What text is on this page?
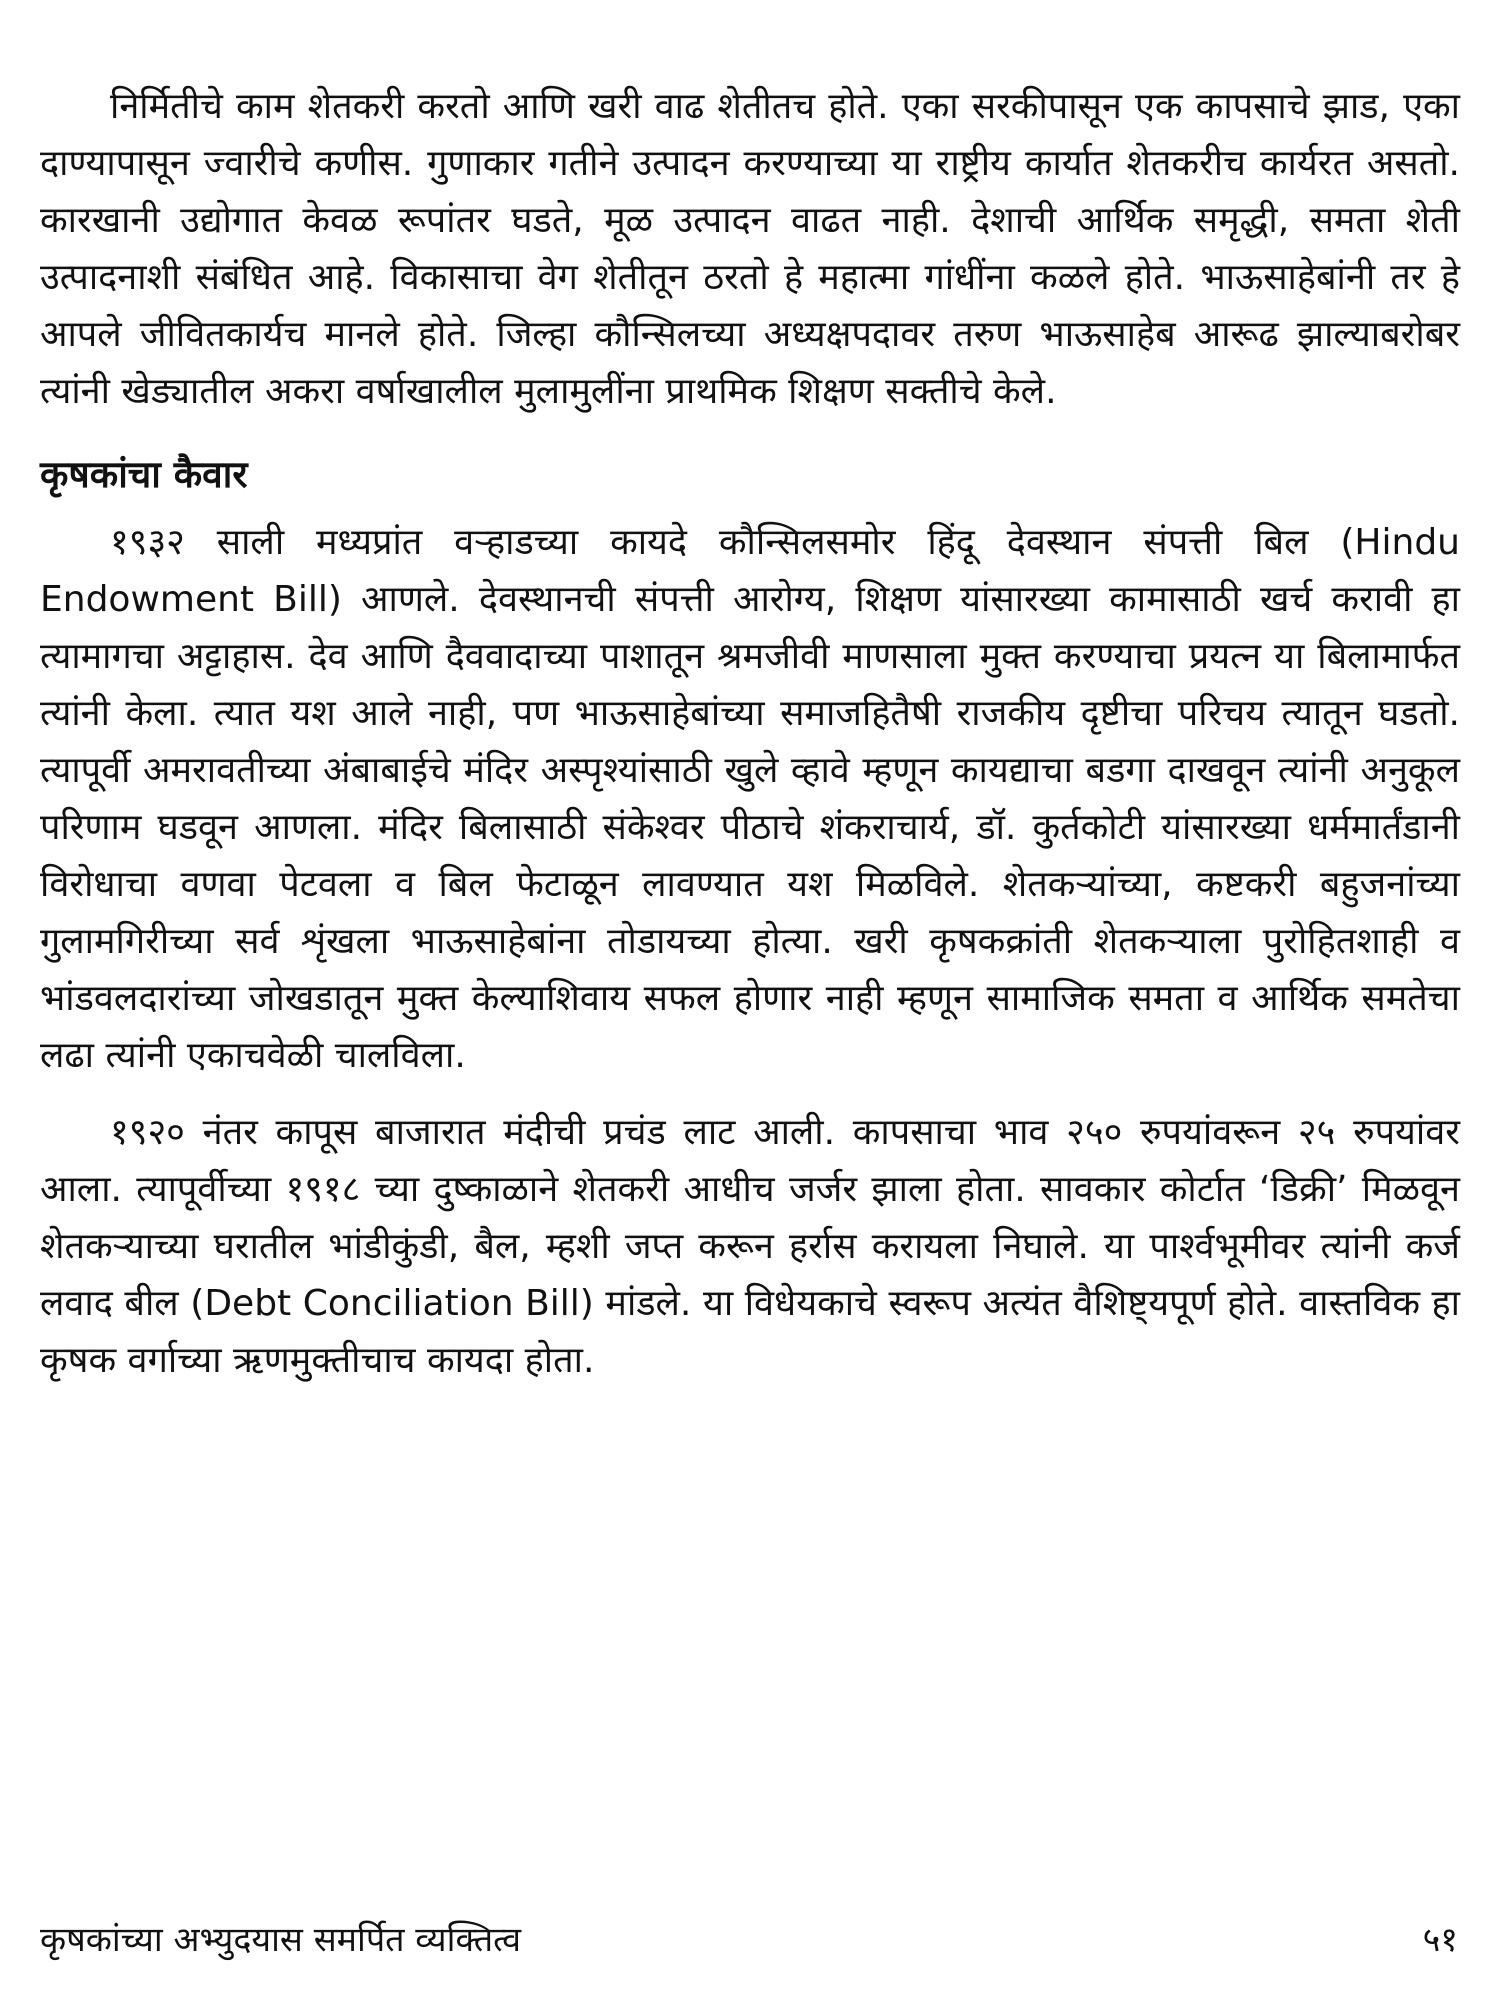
निर्मितीचे काम शेतकरी करतो आणि खरी वाढ शेतीतच होते. एका सरकीपासून एक कापसाचे झाड, एका दाण्यापासून ज्वारीचे कणीस. गुणाकार गतीने उत्पादन करण्याच्या या राष्ट्रीय कार्यात शेतकरीच कार्यरत असतो. कारखानी उद्योगात केवळ रूपांतर घडते, मूळ उत्पादन वाढत नाही. देशाची आर्थिक समृद्धी, समता शेती उत्पादनाशी संबंधित आहे. विकासाचा वेग शेतीतून ठरतो हे महात्मा गांधींना कळले होते. भाऊसाहेबांनी तर हे आपले जीवितकार्यच मानले होते. जिल्हा कौन्सिलच्या अध्यक्षपदावर तरुण भाऊसाहेब आरूढ झाल्याबरोबर त्यांनी खेड्यातील अकरा वर्षाखालील मुलामुलींना प्राथमिक शिक्षण सक्तीचे केले.

कृषकांचा कैवार

१९३२ साली मध्यप्रांत वऱ्हाडच्या कायदे कौन्सिलसमोर हिंदू देवस्थान संपत्ती बिल (Hindu Endowment Bill) आणले. देवस्थानची संपत्ती आरोग्य, शिक्षण यांसारख्या कामासाठी खर्च करावी हा त्यामागचा अट्टाहास. देव आणि दैववादाच्या पाशातून श्रमजीवी माणसाला मुक्त करण्याचा प्रयत्न या बिलामार्फत त्यांनी केला. त्यात यश आले नाही, पण भाऊसाहेबांच्या समाजहितैषी राजकीय दृष्टीचा परिचय त्यातून घडतो. त्यापूर्वी अमरावतीच्या अंबाबाईचे मंदिर अस्पृश्यांसाठी खुले व्हावे म्हणून कायद्याचा बडगा दाखवून त्यांनी अनुकूल परिणाम घडवून आणला. मंदिर बिलासाठी संकेश्वर पीठाचे शंकराचार्य, डॉ. कुर्तकोटी यांसारख्या धर्ममार्तंडानी विरोधाचा वणवा पेटवला व बिल फेटाळून लावण्यात यश मिळविले. शेतकऱ्यांच्या, कष्टकरी बहुजनांच्या गुलामगिरीच्या सर्व शृंखला भाऊसाहेबांना तोडायच्या होत्या. खरी कृषकक्रांती शेतकऱ्याला पुरोहितशाही व भांडवलदारांच्या जोखडातून मुक्त केल्याशिवाय सफल होणार नाही म्हणून सामाजिक समता व आर्थिक समतेचा लढा त्यांनी एकाचवेळी चालविला.

१९२० नंतर कापूस बाजारात मंदीची प्रचंड लाट आली. कापसाचा भाव २५० रुपयांवरून २५ रुपयांवर आला. त्यापूर्वीच्या १९१८ च्या दुष्काळाने शेतकरी आधीच जर्जर झाला होता. सावकार कोर्टात ‘डिक्री’ मिळवून शेतकऱ्याच्या घरातील भांडीकुंडी, बैल, म्हशी जप्त करून हर्रास करायला निघाले. या पार्श्वभूमीवर त्यांनी कर्ज लवाद बील (Debt Conciliation Bill) मांडले. या विधेयकाचे स्वरूप अत्यंत वैशिष्ट्यपूर्ण होते. वास्तविक हा कृषक वर्गाच्या ऋणमुक्तीचाच कायदा होता.

कृषकांच्या अभ्युदयास समर्पित व्यक्तित्व	५१
